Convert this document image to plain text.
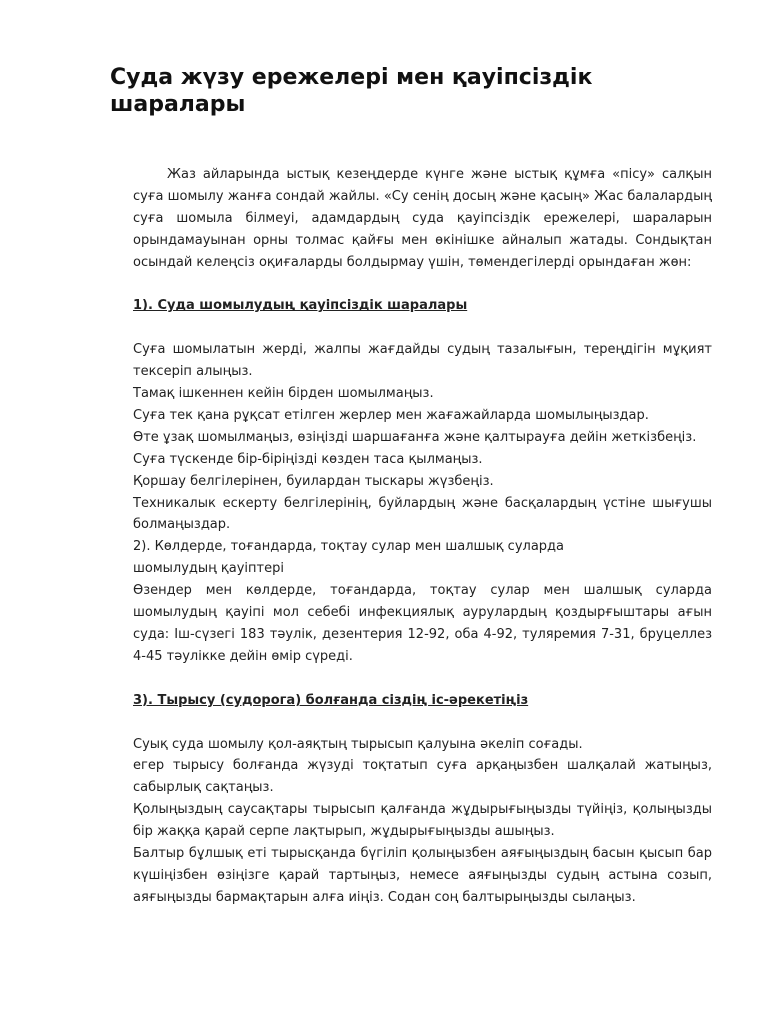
Суда жүзу ережелері мен қауіпсіздік шаралары

Жаз айларында ыстық кезеңдерде күнге және ыстық құмға «пісу» салқын суға шомылу жанға сондай жайлы. «Су сенің досың және қасың» Жас балалардың суға шомыла білмеуі, адамдардың суда қауіпсіздік ережелері, шараларын орындамауынан орны толмас қайғы мен өкінішке айналып жатады. Сондықтан осындай келеңсіз оқиғаларды болдырмау үшін, төмендегілерді орындаған жөн:

1). Суда шомылудың қауіпсіздік шаралары

Суға шомылатын жерді, жалпы жағдайды судың тазалығын, тереңдігін мұқият тексеріп алыңыз.

Тамақ ішкеннен кейін бірден шомылмаңыз.

Суға тек қана рұқсат етілген жерлер мен жағажайларда шомылыңыздар.

Өте ұзақ шомылмаңыз, өзіңізді шаршағанға және қалтырауға дейін жеткізбеңіз.

Суға түскенде бір-біріңізді көзден таса қылмаңыз.

Қоршау белгілерінен, буилардан тыскары жүзбеңіз.

Техникалык ескерту белгілерінің, буйлардың және басқалардың үстіне шығушы болмаңыздар.

2). Көлдерде, тоғандарда, тоқтау сулар мен шалшық суларда

шомылудың қауіптері

Өзендер мен көлдерде, тоғандарда, тоқтау сулар мен шалшық суларда шомылудың қауіпі мол себебі инфекциялық аурулардың қоздырғыштары ағын суда: Іш-сүзегі 183 тәулік, дезентерия 12-92, оба 4-92, туляремия 7-31, бруцеллез 4-45 тәулікке дейін өмір сүреді.

3). Тырысу (судорога) болғанда сіздің іс-әрекетіңіз

Суық суда шомылу қол-аяқтың тырысып қалуына әкеліп соғады.

егер тырысу болғанда жүзуді тоқтатып суға арқаңызбен шалқалай жатыңыз, сабырлық сақтаңыз.

Қолыңыздың саусақтары тырысып қалғанда жұдырығыңызды түйіңіз, қолыңызды бір жаққа қарай серпе лақтырып, жұдырығыңызды ашыңыз.

Балтыр бұлшық еті тырысқанда бүгіліп қолыңызбен аяғыңыздың басын қысып бар күшіңізбен өзіңізге қарай тартыңыз, немесе аяғыңызды судың астына созып, аяғыңызды бармақтарын алға иіңіз. Содан соң балтырыңызды сылаңыз.
